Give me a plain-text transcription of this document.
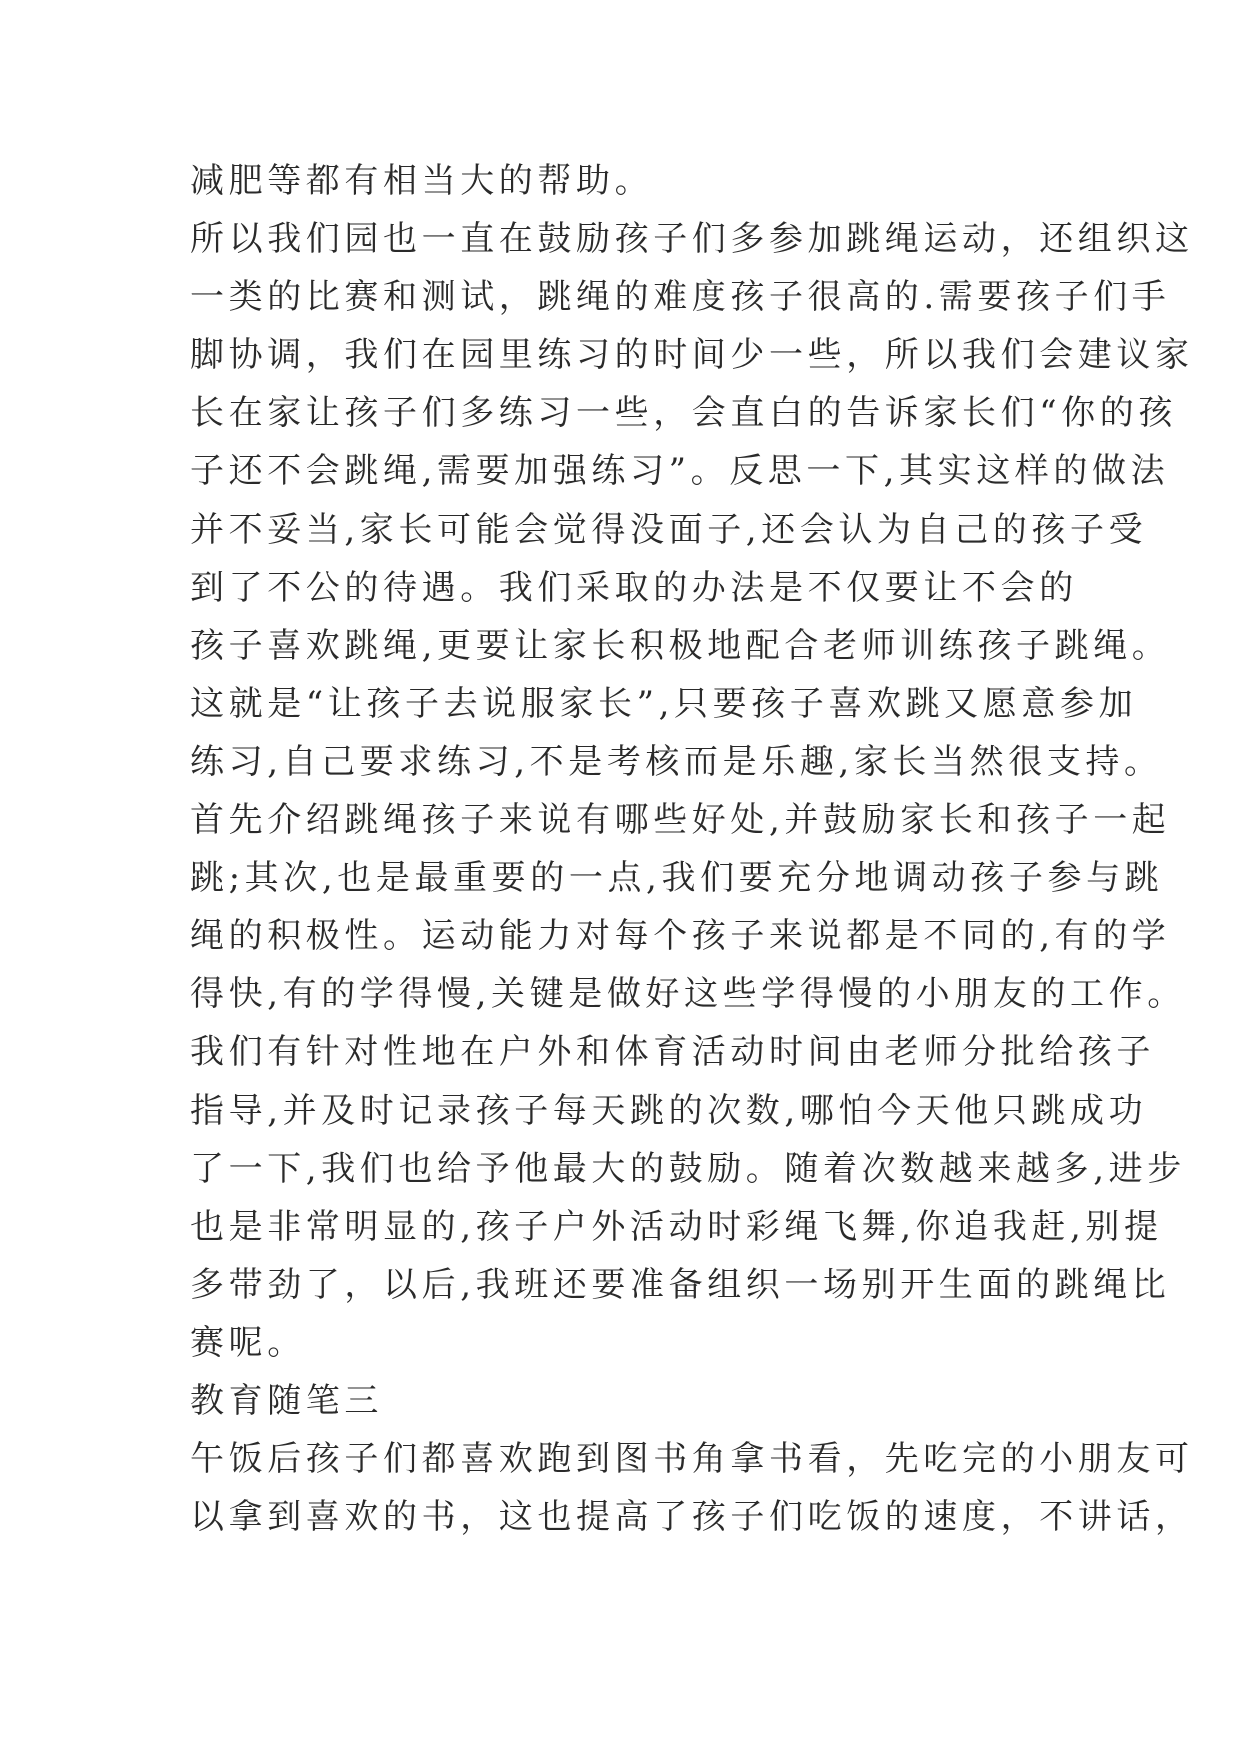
减肥等都有相当大的帮助。
所以我们园也一直在鼓励孩子们多参加跳绳运动，还组织这
一类的比赛和测试，跳绳的难度孩子很高的.需要孩子们手
脚协调，我们在园里练习的时间少一些，所以我们会建议家
长在家让孩子们多练习一些，会直白的告诉家长们“你的孩
子还不会跳绳,需要加强练习”。反思一下,其实这样的做法
并不妥当,家长可能会觉得没面子,还会认为自己的孩子受
到了不公的待遇。我们采取的办法是不仅要让不会的
孩子喜欢跳绳,更要让家长积极地配合老师训练孩子跳绳。
这就是“让孩子去说服家长”,只要孩子喜欢跳又愿意参加
练习,自己要求练习,不是考核而是乐趣,家长当然很支持。
首先介绍跳绳孩子来说有哪些好处,并鼓励家长和孩子一起
跳;其次,也是最重要的一点,我们要充分地调动孩子参与跳
绳的积极性。运动能力对每个孩子来说都是不同的,有的学
得快,有的学得慢,关键是做好这些学得慢的小朋友的工作。
我们有针对性地在户外和体育活动时间由老师分批给孩子
指导,并及时记录孩子每天跳的次数,哪怕今天他只跳成功
了一下,我们也给予他最大的鼓励。随着次数越来越多,进步
也是非常明显的,孩子户外活动时彩绳飞舞,你追我赶,别提
多带劲了，以后,我班还要准备组织一场别开生面的跳绳比
赛呢。
教育随笔三
午饭后孩子们都喜欢跑到图书角拿书看，先吃完的小朋友可
以拿到喜欢的书，这也提高了孩子们吃饭的速度，不讲话，
